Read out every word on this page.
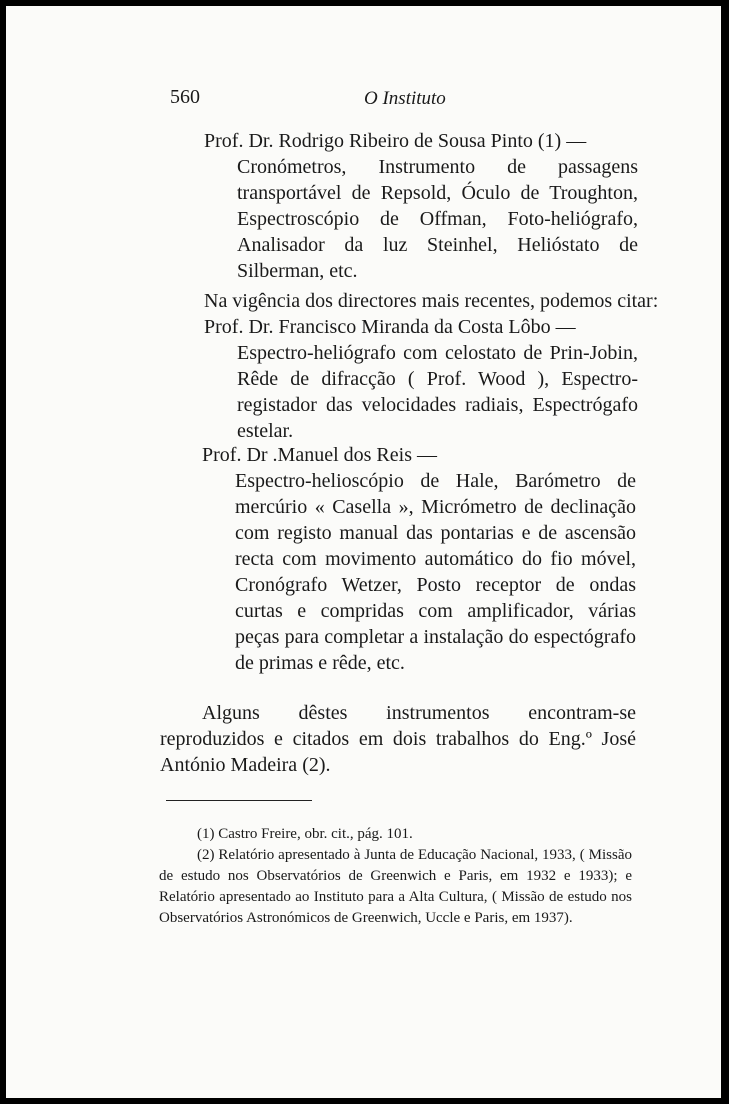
560	O Instituto

Prof. Dr. Rodrigo Ribeiro de Sousa Pinto (1) —

Cronómetros, Instrumento de passagens transportável de Repsold, Óculo de Troughton, Espectroscópio de Offman, Foto-heliógrafo, Analisador da luz Steinhel, Helióstato de Silberman, etc.

Na vigência dos directores mais recentes, podemos citar:

Prof. Dr. Francisco Miranda da Costa Lôbo —

Espectro-heliógrafo com celostato de Prin-Jobin, Rêde de difracção ( Prof. Wood ), Espectro-registador das velocidades radiais, Espectrógafo estelar.

Prof. Dr .Manuel dos Reis —

Espectro-helioscópio de Hale, Barómetro de mercúrio « Casella », Micrómetro de declinação com registo manual das pontarias e de ascensão recta com movimento automático do fio móvel, Cronógrafo Wetzer, Posto receptor de ondas curtas e compridas com amplificador, várias peças para completar a instalação do espectógrafo de primas e rêde, etc.

Alguns dêstes instrumentos encontram-se reproduzidos e citados em dois trabalhos do Eng.º José António Madeira (2).

(1) Castro Freire, obr. cit., pág. 101.

(2) Relatório apresentado à Junta de Educação Nacional, 1933, ( Missão de estudo nos Observatórios de Greenwich e Paris, em 1932 e 1933); e Relatório apresentado ao Instituto para a Alta Cultura, ( Missão de estudo nos Observatórios Astronómicos de Greenwich, Uccle e Paris, em 1937).
